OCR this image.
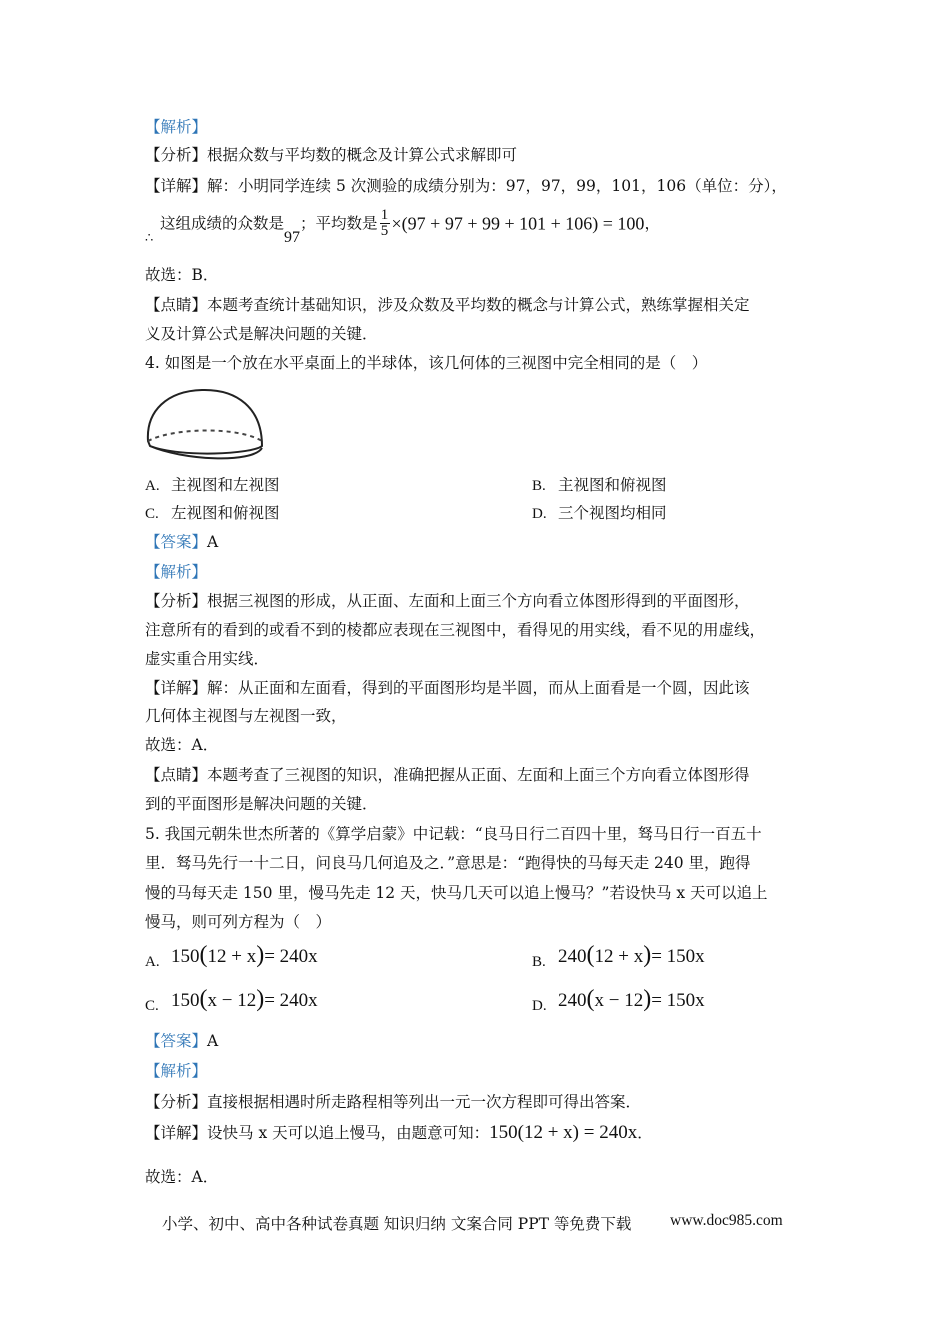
【解析】
【分析】根据众数与平均数的概念及计算公式求解即可
【详解】解：小明同学连续 5 次测验的成绩分别为：97，97，99，101，106（单位：分），
∴
这组成绩的众数是97；平均数是 $\frac{1}{5} \times(97 + 97 + 99 + 101 + 106) = 100$，
故选：B．
【点睛】本题考查统计基础知识，涉及众数及平均数的概念与计算公式，熟练掌握相关定
义及计算公式是解决问题的关键．
4. 如图是一个放在水平桌面上的半球体，该几何体的三视图中完全相同的是（　）
A. 主视图和左视图	B. 主视图和俯视图
C. 左视图和俯视图	D. 三个视图均相同
【答案】A
【解析】
【分析】根据三视图的形成，从正面、左面和上面三个方向看立体图形得到的平面图形，
注意所有的看到的或看不到的棱都应表现在三视图中，看得见的用实线，看不见的用虚线，
虚实重合用实线．
【详解】解：从正面和左面看，得到的平面图形均是半圆，而从上面看是一个圆，因此该
几何体主视图与左视图一致，
故选：A．
【点睛】本题考查了三视图的知识，准确把握从正面、左面和上面三个方向看立体图形得
到的平面图形是解决问题的关键．
5. 我国元朝朱世杰所著的《算学启蒙》中记载：“良马日行二百四十里，驽马日行一百五十
里．驽马先行一十二日，问良马几何追及之．”意思是：“跑得快的马每天走 240 里，跑得
慢的马每天走 150 里，慢马先走 12 天，快马几天可以追上慢马？”若设快马 x 天可以追上
慢马，则可列方程为（　）
A. 150(12 + x)= 240x	B. 240(12 + x)= 150x
C. 150(x − 12)= 240x	D. 240(x − 12)= 150x
【答案】A
【解析】
【分析】直接根据相遇时所走路程相等列出一元一次方程即可得出答案．
【详解】设快马 x 天可以追上慢马，由题意可知：150(12 + x) = 240x．
故选：A．
小学、初中、高中各种试卷真题 知识归纳 文案合同 PPT 等免费下载 www.doc985.com
